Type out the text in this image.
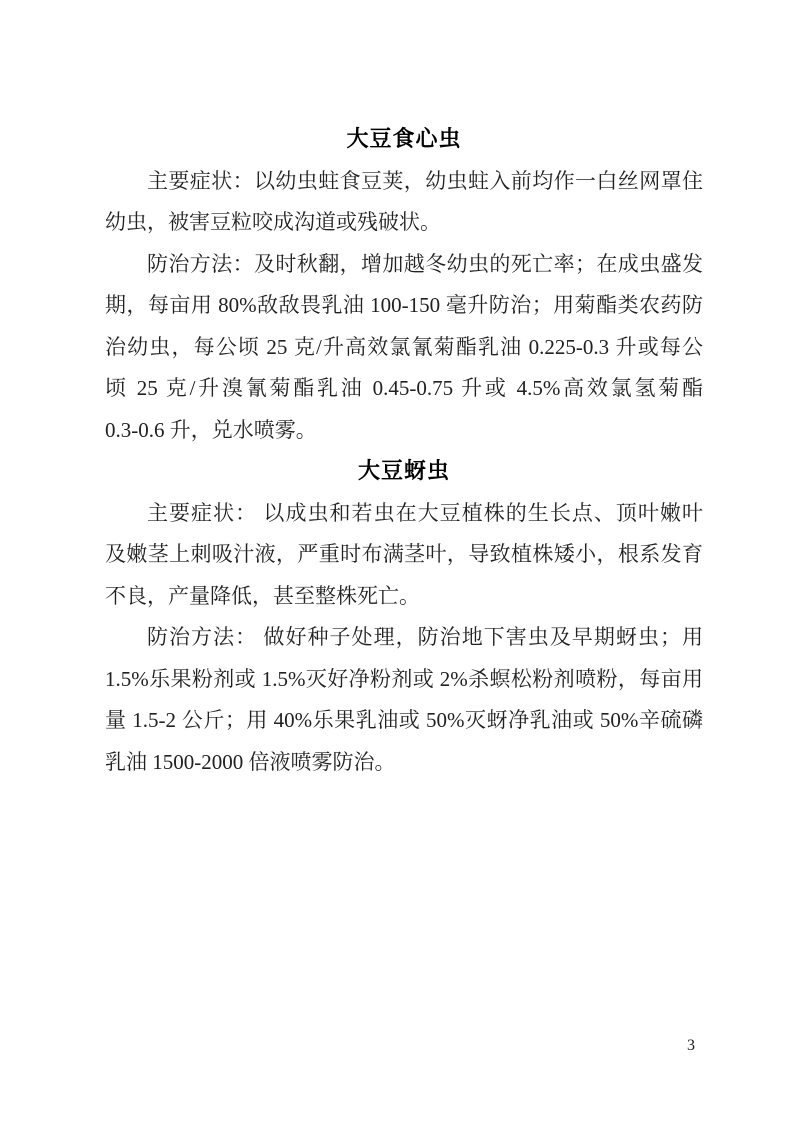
大豆食心虫
主要症状：以幼虫蛀食豆荚，幼虫蛀入前均作一白丝网罩住
幼虫，被害豆粒咬成沟道或残破状。
防治方法：及时秋翻，增加越冬幼虫的死亡率；在成虫盛发
期，每亩用 80%敌敌畏乳油 100-150 毫升防治；用菊酯类农药防
治幼虫，每公顷 25 克/升高效氯氰菊酯乳油 0.225-0.3 升或每公
顷 25 克/升溴氰菊酯乳油 0.45-0.75 升或 4.5%高效氯氢菊酯
0.3-0.6 升，兑水喷雾。
大豆蚜虫
主要症状： 以成虫和若虫在大豆植株的生长点、顶叶嫩叶
及嫩茎上刺吸汁液，严重时布满茎叶，导致植株矮小，根系发育
不良，产量降低，甚至整株死亡。
防治方法： 做好种子处理，防治地下害虫及早期蚜虫；用
1.5%乐果粉剂或 1.5%灭好净粉剂或 2%杀螟松粉剂喷粉，每亩用
量 1.5-2 公斤；用 40%乐果乳油或 50%灭蚜净乳油或 50%辛硫磷
乳油 1500-2000 倍液喷雾防治。
3
